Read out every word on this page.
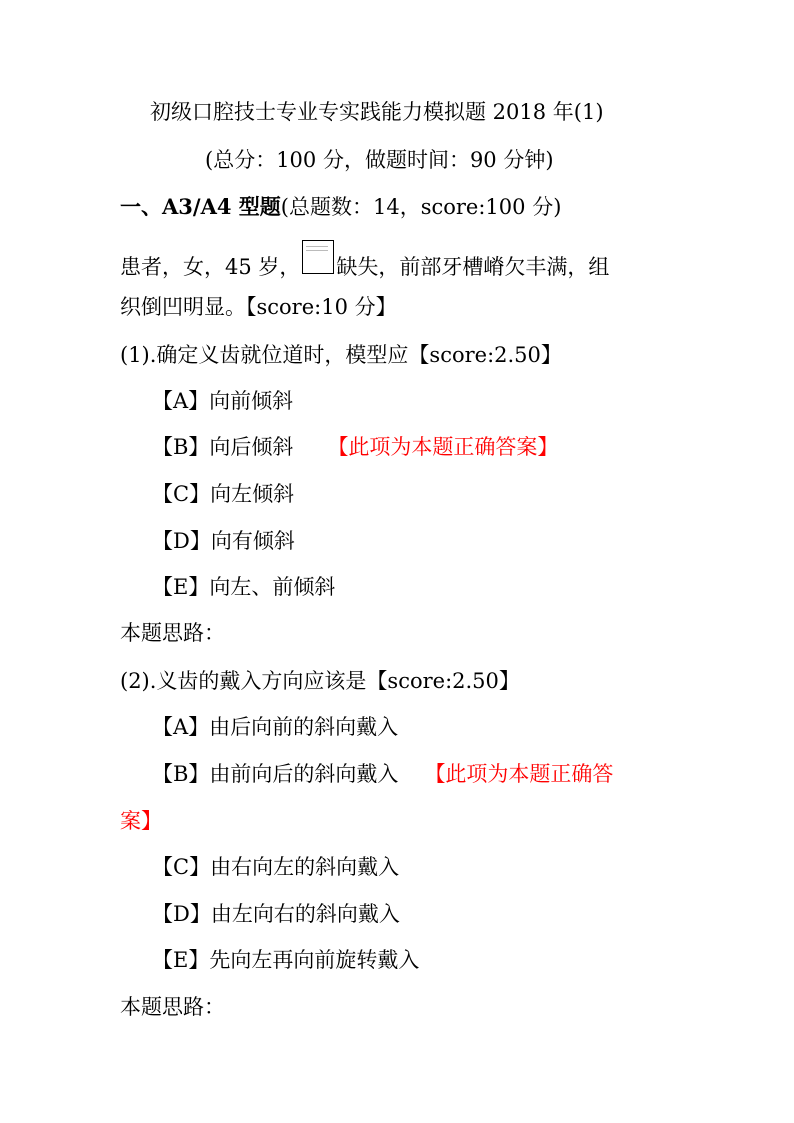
初级口腔技士专业专实践能力模拟题 2018 年(1)
(总分：100 分，做题时间：90 分钟)
一、A3/A4 型题(总题数：14，score:100 分)
患者，女，45 岁， 缺失，前部牙槽嵴欠丰满，组
织倒凹明显。【score:10 分】
(1).确定义齿就位道时，模型应【score:2.50】
【A】向前倾斜
【B】向后倾斜 【此项为本题正确答案】
【C】向左倾斜
【D】向有倾斜
【E】向左、前倾斜
本题思路：
(2).义齿的戴入方向应该是【score:2.50】
【A】由后向前的斜向戴入
【B】由前向后的斜向戴入 【此项为本题正确答
案】
【C】由右向左的斜向戴入
【D】由左向右的斜向戴入
【E】先向左再向前旋转戴入
本题思路：
